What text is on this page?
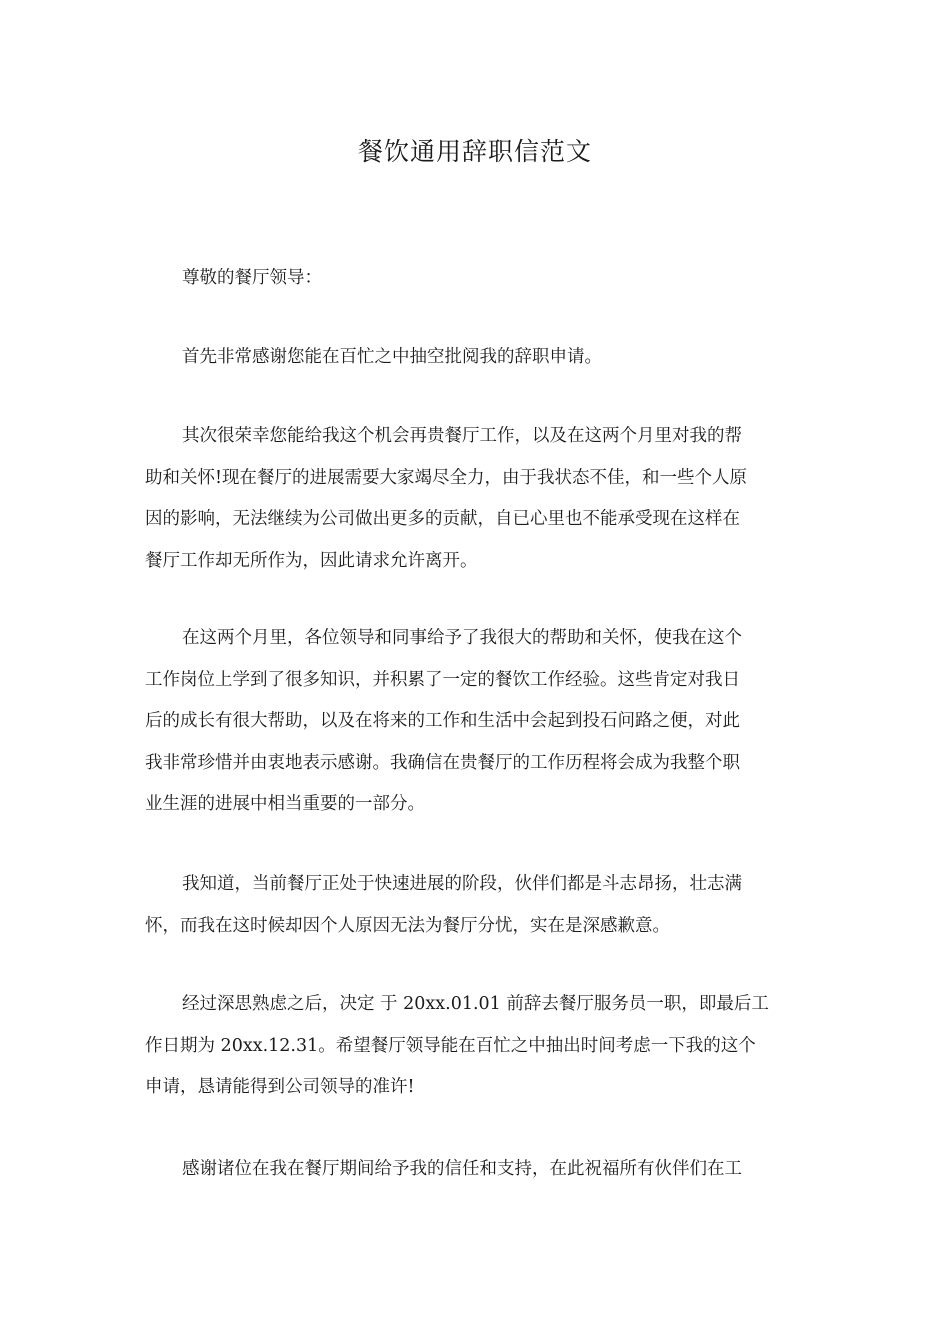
餐饮通用辞职信范文

尊敬的餐厅领导：

首先非常感谢您能在百忙之中抽空批阅我的辞职申请。

其次很荣幸您能给我这个机会再贵餐厅工作，以及在这两个月里对我的帮
助和关怀!现在餐厅的进展需要大家竭尽全力，由于我状态不佳，和一些个人原
因的影响，无法继续为公司做出更多的贡献，自已心里也不能承受现在这样在
餐厅工作却无所作为，因此请求允许离开。

在这两个月里，各位领导和同事给予了我很大的帮助和关怀，使我在这个
工作岗位上学到了很多知识，并积累了一定的餐饮工作经验。这些肯定对我日
后的成长有很大帮助，以及在将来的工作和生活中会起到投石问路之便，对此
我非常珍惜并由衷地表示感谢。我确信在贵餐厅的工作历程将会成为我整个职
业生涯的进展中相当重要的一部分。

我知道，当前餐厅正处于快速进展的阶段，伙伴们都是斗志昂扬，壮志满
怀，而我在这时候却因个人原因无法为餐厅分忧，实在是深感歉意。

经过深思熟虑之后，决定 于 20xx.01.01 前辞去餐厅服务员一职，即最后工
作日期为 20xx.12.31。希望餐厅领导能在百忙之中抽出时间考虑一下我的这个
申请，恳请能得到公司领导的准许!

感谢诸位在我在餐厅期间给予我的信任和支持，在此祝福所有伙伴们在工
